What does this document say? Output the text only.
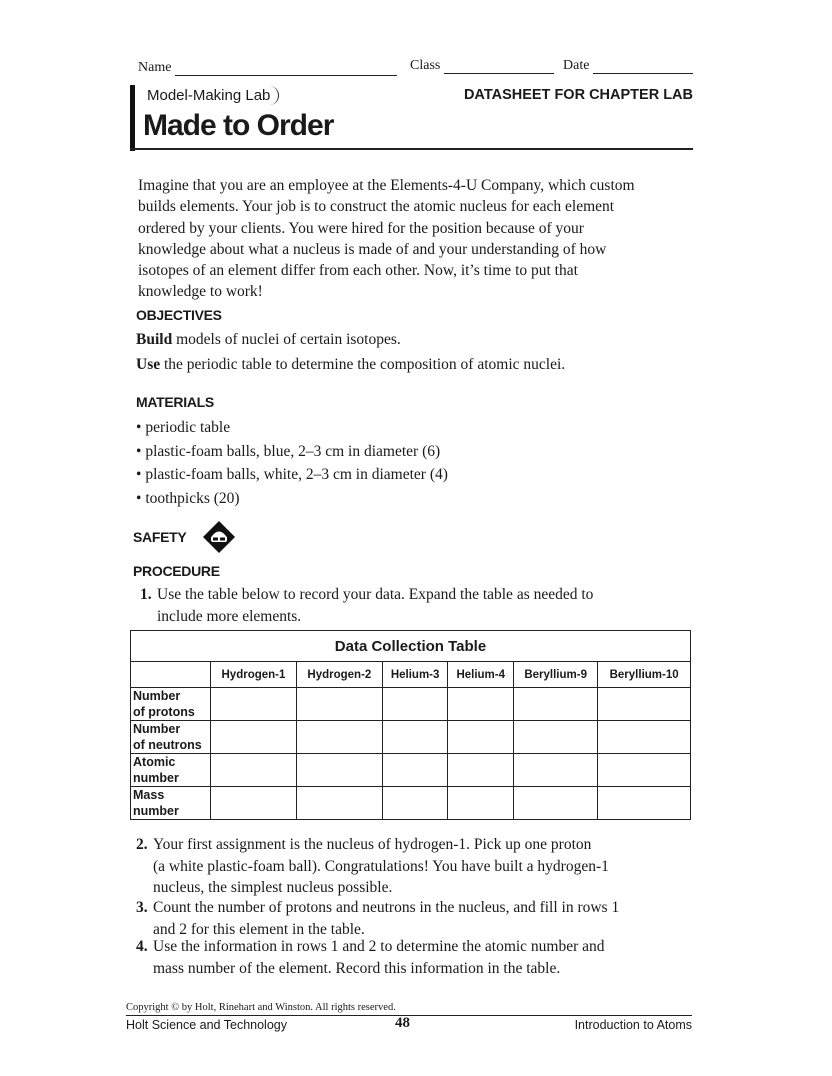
Name	Class	Date
Model-Making Lab	DATASHEET FOR CHAPTER LAB
Made to Order
Imagine that you are an employee at the Elements-4-U Company, which custom
builds elements. Your job is to construct the atomic nucleus for each element
ordered by your clients. You were hired for the position because of your
knowledge about what a nucleus is made of and your understanding of how
isotopes of an element differ from each other. Now, it’s time to put that
knowledge to work!
OBJECTIVES
Build models of nuclei of certain isotopes.
Use the periodic table to determine the composition of atomic nuclei.
MATERIALS
• periodic table
• plastic-foam balls, blue, 2–3 cm in diameter (6)
• plastic-foam balls, white, 2–3 cm in diameter (4)
• toothpicks (20)
SAFETY
PROCEDURE
1. Use the table below to record your data. Expand the table as needed to
include more elements.
Data Collection Table						
	Hydrogen-1	Hydrogen-2	Helium-3	Helium-4	Beryllium-9	Beryllium-10

Number
of protons						

Number
of neutrons						

Atomic
number						

Mass
number						

2. Your first assignment is the nucleus of hydrogen-1. Pick up one proton
(a white plastic-foam ball). Congratulations! You have built a hydrogen-1
nucleus, the simplest nucleus possible.
3. Count the number of protons and neutrons in the nucleus, and fill in rows 1
and 2 for this element in the table.
4. Use the information in rows 1 and 2 to determine the atomic number and
mass number of the element. Record this information in the table.
Copyright © by Holt, Rinehart and Winston. All rights reserved.
Holt Science and Technology	48	Introduction to Atoms
